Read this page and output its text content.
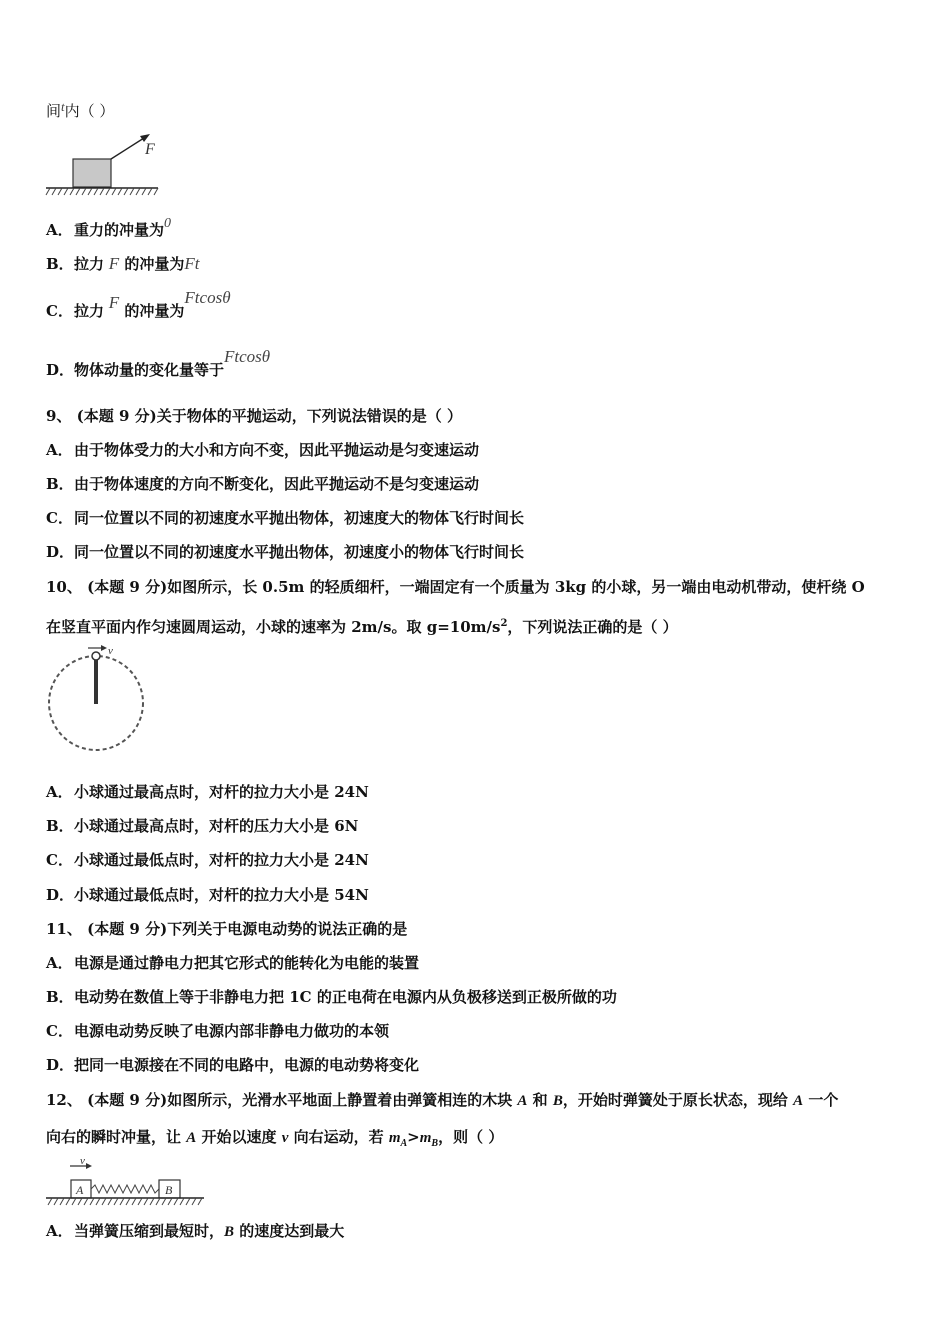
间t内（ ）
F
A．重力的冲量为0
B．拉力 F 的冲量为Ft
C．拉力 F 的冲量为Ftcosθ
D．物体动量的变化量等于Ftcosθ
9、 (本题 9 分)关于物体的平抛运动，下列说法错误的是（ ）
A．由于物体受力的大小和方向不变，因此平抛运动是匀变速运动
B．由于物体速度的方向不断变化，因此平抛运动不是匀变速运动
C．同一位置以不同的初速度水平抛出物体，初速度大的物体飞行时间长
D．同一位置以不同的初速度水平抛出物体，初速度小的物体飞行时间长
10、 (本题 9 分)如图所示，长 0.5m 的轻质细杆，一端固定有一个质量为 3kg 的小球，另一端由电动机带动，使杆绕 O
在竖直平面内作匀速圆周运动，小球的速率为 2m/s。取 $g=10m/s^2$，下列说法正确的是（ ）
v
A．小球通过最高点时，对杆的拉力大小是 24N
B．小球通过最高点时，对杆的压力大小是 6N
C．小球通过最低点时，对杆的拉力大小是 24N
D．小球通过最低点时，对杆的拉力大小是 54N
11、 (本题 9 分)下列关于电源电动势的说法正确的是
A．电源是通过静电力把其它形式的能转化为电能的装置
B．电动势在数值上等于非静电力把 1C 的正电荷在电源内从负极移送到正极所做的功
C．电源电动势反映了电源内部非静电力做功的本领
D．把同一电源接在不同的电路中，电源的电动势将变化
12、 (本题 9 分)如图所示，光滑水平地面上静置着由弹簧相连的木块 A 和 B，开始时弹簧处于原长状态，现给 A 一个
向右的瞬时冲量，让 A 开始以速度 v 向右运动，若 $m_A>m_B$，则（ ）
v
A	B
A．当弹簧压缩到最短时，B 的速度达到最大
